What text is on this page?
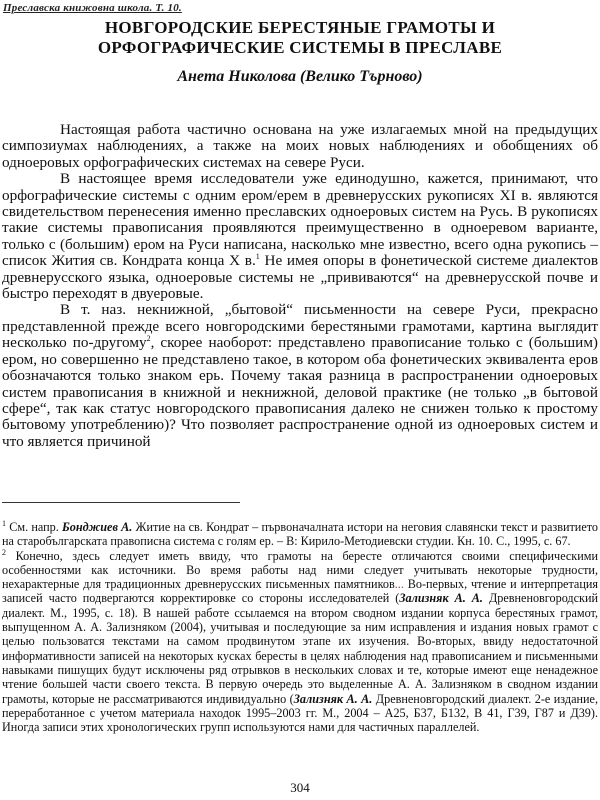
Преславска книжовна школа. Т. 10.
НОВГОРОДСКИЕ БЕРЕСТЯНЫЕ ГРАМОТЫ И
ОРФОГРАФИЧЕСКИЕ СИСТЕМЫ В ПРЕСЛАВЕ
Анета Николова (Велико Търново)

Настоящая работа частично основана на уже излагаемых мной на предыдущих симпозиумах наблюдениях, а также на моих новых наблюдениях и обобщениях об одноеровых орфографических системах на севере Руси.

В настоящее время исследователи уже единодушно, кажется, принимают, что орфографические системы с одним ером/ерем в древнерусских рукописях XI в. являются свидетельством перенесения именно преславских одноеровых систем на Русь. В рукописях такие системы правописания проявляются преимущественно в одноеревом варианте, только с (большим) ером на Руси написана, насколько мне известно, всего одна рукопись – список Жития св. Кондрата конца X в.$^1$ Не имея опоры в фонетической системе диалектов древнерусского языка, одноеровые системы не „прививаются“ на древнерусской почве и быстро переходят в двуеровые.

В т. наз. некнижной, „бытовой“ письменности на севере Руси, прекрасно представленной прежде всего новгородскими берестяными грамотами, картина выглядит несколько по-другому$^2$, скорее наоборот: представлено правописание только с (большим) ером, но совершенно не представлено такое, в котором оба фонетических эквивалента еров обозначаются только знаком ерь. Почему такая разница в распространении одноеровых систем правописания в книжной и некнижной, деловой практике (не только „в бытовой сфере“, так как статус новгородского правописания далеко не снижен только к простому бытовому употреблению)? Что позволяет распространение одной из одноеровых систем и что является причиной

$^1$ См. напр. Бонджиев А. Житие на св. Кондрат – първоначалната истори на неговия славянски текст и развитието на старобългарската правописна система с голям ер. – В: Кирило-Методиевски студии. Кн. 10. С., 1995, с. 67.

$^2$ Конечно, здесь следует иметь ввиду, что грамоты на бересте отличаются своими специфическими особенностями как источники. Во время работы над ними следует учитывать некоторые трудности, нехарактерные для традиционных древнерусских письменных памятников... Во-первых, чтение и интерпретация записей часто подвергаются корректировке со стороны исследователей (Зализняк А. А. Древненовгородский диалект. М., 1995, с. 18). В нашей работе ссылаемся на втором сводном издании корпуса берестяных грамот, выпущенном А. А. Зализняком (2004), учитывая и последующие за ним исправления и издания новых грамот с целью пользоватся текстами на самом продвинутом этапе их изучения. Во-вторых, ввиду недостаточной информативности записей на некоторых кусках бересты в целях наблюдения над правописанием и письменными навыками пишущих будут исключены ряд отрывков в нескольких словах и те, которые имеют еще ненадежное чтение большей части своего текста. В первую очередь это выделенные А. А. Зализняком в сводном издании грамоты, которые не рассматриваются индивидуально (Зализняк А. А. Древненовгородский диалект. 2-е издание, переработанное с учетом материала находок 1995–2003 гг. М., 2004 – А25, Б37, Б132, В 41, Г39, Г87 и Д39). Иногда записи этих хронологических групп используются нами для частичных параллелей.

304
